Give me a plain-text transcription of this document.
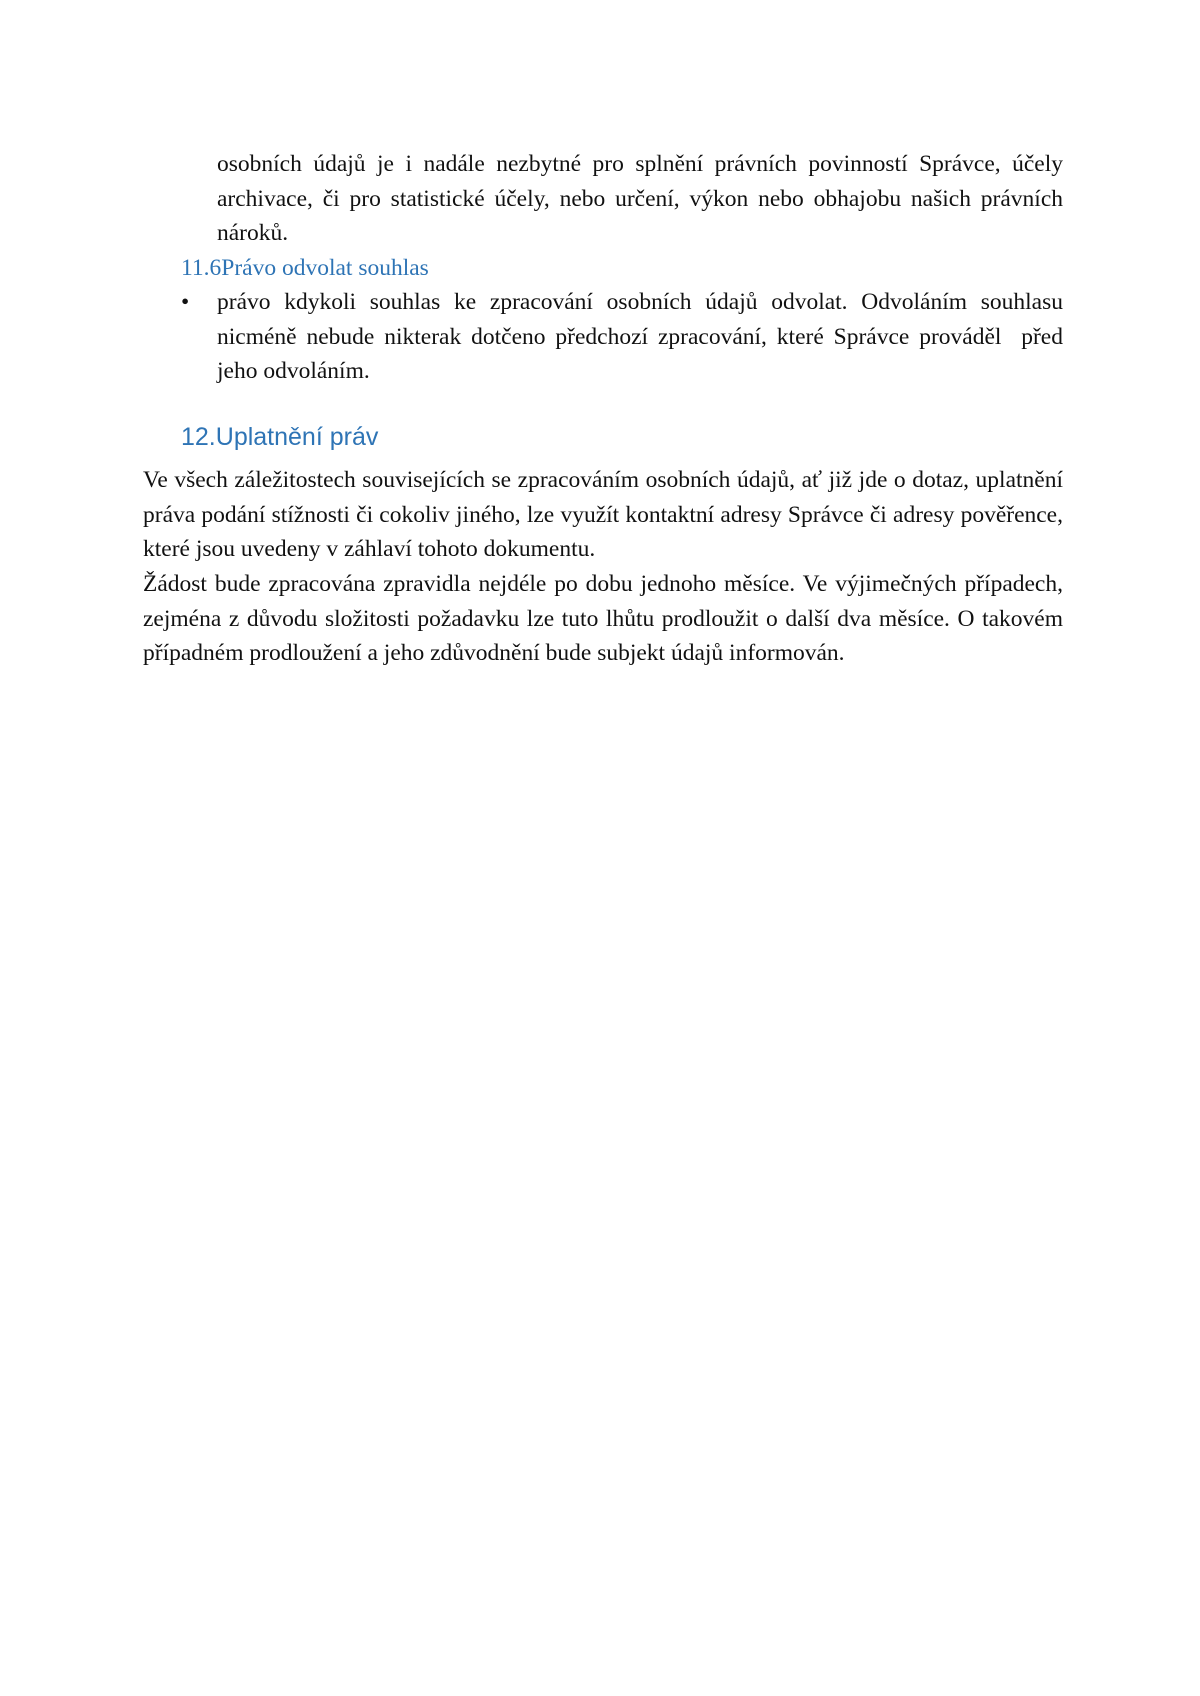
osobních údajů je i nadále nezbytné pro splnění právních povinností Správce, účely archivace, či pro statistické účely, nebo určení, výkon nebo obhajobu našich právních nároků.
11.6Právo odvolat souhlas
•	právo kdykoli souhlas ke zpracování osobních údajů odvolat. Odvoláním souhlasu nicméně nebude nikterak dotčeno předchozí zpracování, které Správce prováděl  před jeho odvoláním.
12.Uplatnění práv
Ve všech záležitostech souvisejících se zpracováním osobních údajů, ať již jde o dotaz, uplatnění práva podání stížnosti či cokoliv jiného, lze využít kontaktní adresy Správce či adresy pověřence, které jsou uvedeny v záhlaví tohoto dokumentu.
Žádost bude zpracována zpravidla nejdéle po dobu jednoho měsíce. Ve výjimečných případech, zejména z důvodu složitosti požadavku lze tuto lhůtu prodloužit o další dva měsíce. O takovém případném prodloužení a jeho zdůvodnění bude subjekt údajů informován.
